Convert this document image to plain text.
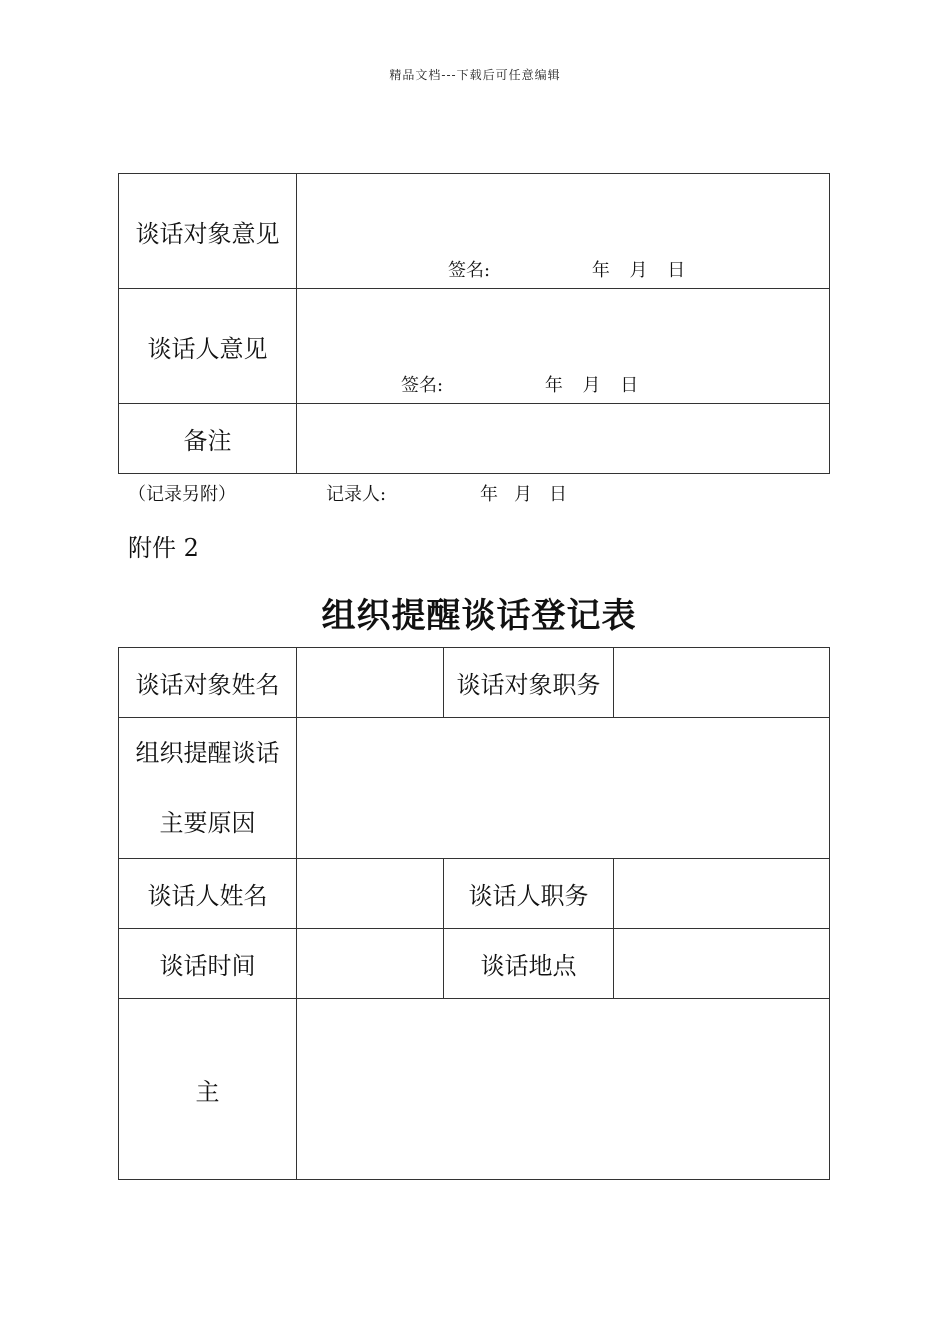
精品文档---下载后可任意编辑
谈话对象意见	签名: 年 月 日

谈话人意见	签名: 年 月 日

备注	
（记录另附）	记录人:	年 月 日
附件 2
组织提醒谈话登记表
谈话对象姓名		谈话对象职务	

组织提醒谈话
主要原因			

谈话人姓名		谈话人职务	
谈话时间		谈话地点	
主			
